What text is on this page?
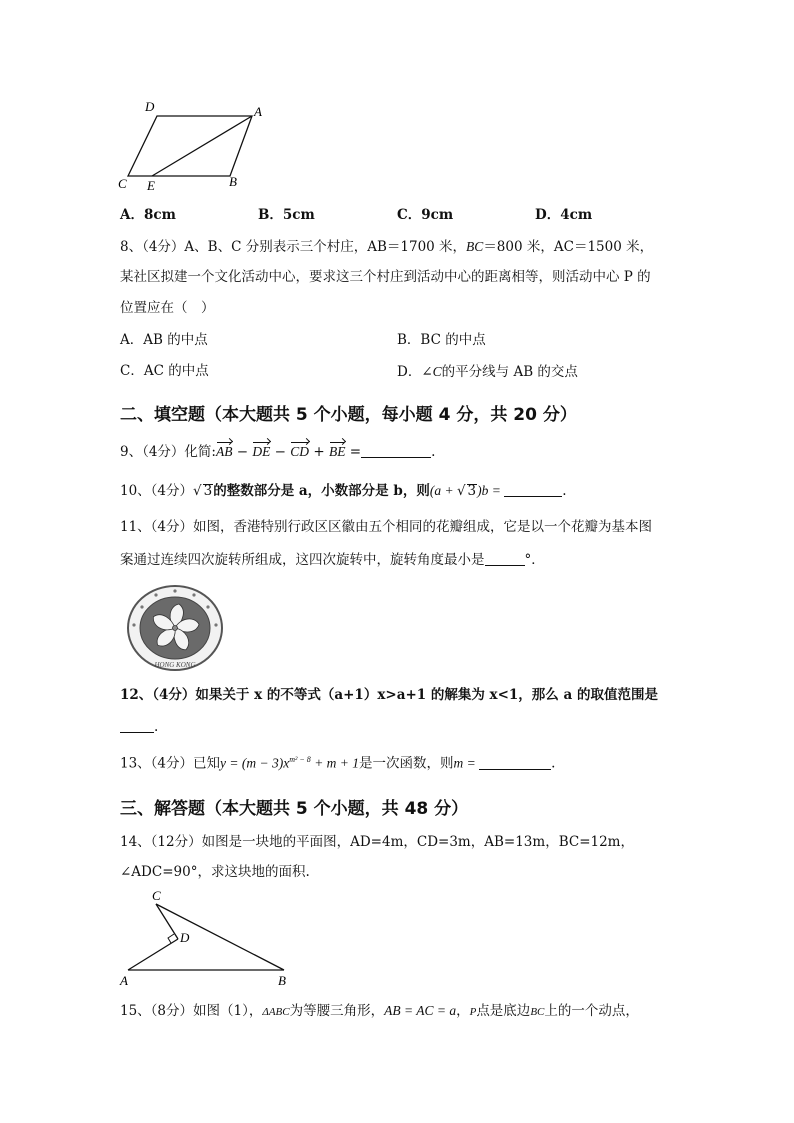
D	A
C E	B
A．8cm	B．5cm	C．9cm	D．4cm
8、（4分）A、B、C 分别表示三个村庄，AB＝1700 米，BC＝800 米，AC＝1500 米，
某社区拟建一个文化活动中心，要求这三个村庄到活动中心的距离相等，则活动中心 P 的
位置应在（　）
A．AB 的中点	B．BC 的中点
C．AC 的中点	D．∠C的平分线与 AB 的交点
二、填空题（本大题共 5 个小题，每小题 4 分，共 20 分）
9、（4分）化简:AB − DE − CD + BE =	.
10、（4分）√ 3的整数部分是 a，小数部分是 b，则(a + √ 3)b =	.
11、（4分）如图，香港特别行政区区徽由五个相同的花瓣组成，它是以一个花瓣为基本图
案通过连续四次旋转所组成，这四次旋转中，旋转角度最小是	°．
HONG KONG
12、（4分）如果关于 x 的不等式（a+1）x>a+1 的解集为 x<1，那么 a 的取值范围是
.
13、（4分）已知$y = (m - 3)x^{m^2 - 8} + m + 1$是一次函数，则m =	.
三、解答题（本大题共 5 个小题，共 48 分）
14、（12分）如图是一块地的平面图，AD=4m，CD=3m，AB=13m，BC=12m，
∠ADC=90°，求这块地的面积.
C
D
A	B
15、（8分）如图（1），ΔABC为等腰三角形，AB = AC = a，P点是底边BC上的一个动点，
